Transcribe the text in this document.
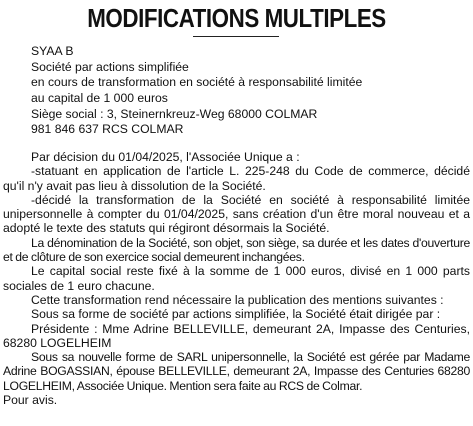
MODIFICATIONS MULTIPLES
SYAA B
Société par actions simplifiée
en cours de transformation en société à responsabilité limitée
au capital de 1 000 euros
Siège social : 3, Steinernkreuz-Weg 68000 COLMAR
981 846 637 RCS COLMAR

Par décision du 01/04/2025, l'Associée Unique a :

-statuant en application de l'article L. 225-248 du Code de commerce, décidé qu'il n'y avait pas lieu à dissolution de la Société.

-décidé la transformation de la Société en société à responsabilité limitée unipersonnelle à compter du 01/04/2025, sans création d'un être moral nouveau et a adopté le texte des statuts qui régiront désormais la Société.

La dénomination de la Société, son objet, son siège, sa durée et les dates d'ouverture et de clôture de son exercice social demeurent inchangées.

Le capital social reste fixé à la somme de 1 000 euros, divisé en 1 000 parts sociales de 1 euro chacune.

Cette transformation rend nécessaire la publication des mentions suivantes :

Sous sa forme de société par actions simplifiée, la Société était dirigée par :

Présidente : Mme Adrine BELLEVILLE, demeurant 2A, Impasse des Centuries, 68280 LOGELHEIM

Sous sa nouvelle forme de SARL unipersonnelle, la Société est gérée par Madame Adrine BOGASSIAN, épouse BELLEVILLE, demeurant 2A, Impasse des Centuries 68280 LOGELHEIM, Associée Unique. Mention sera faite au RCS de Colmar.

Pour avis.
